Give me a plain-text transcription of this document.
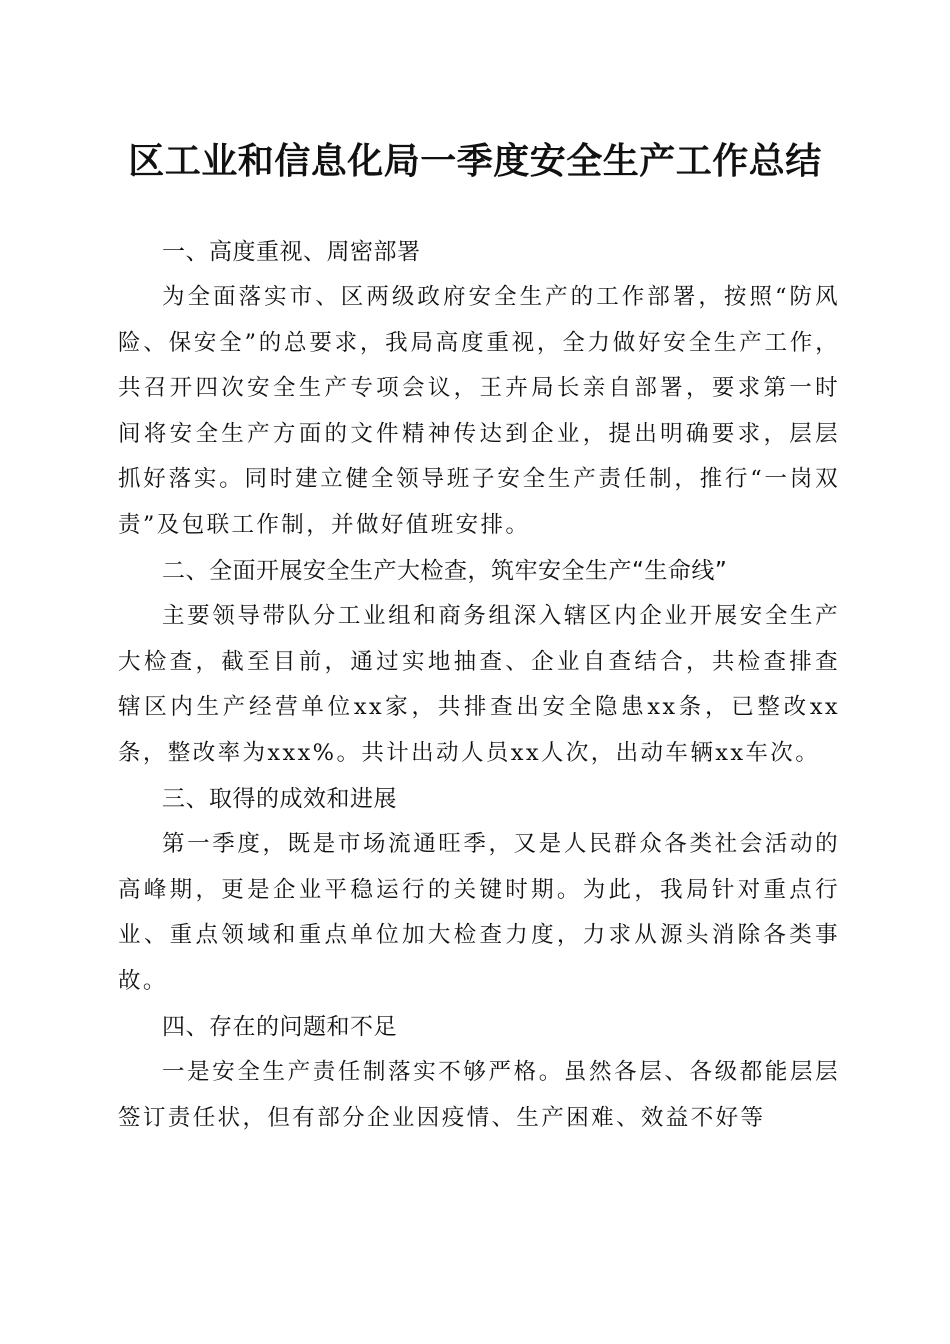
区工业和信息化局一季度安全生产工作总结

一、高度重视、周密部署

为全面落实市、区两级政府安全生产的工作部署，按照“防风险、保安全”的总要求，我局高度重视，全力做好安全生产工作，共召开四次安全生产专项会议，王卉局长亲自部署，要求第一时间将安全生产方面的文件精神传达到企业，提出明确要求，层层抓好落实。同时建立健全领导班子安全生产责任制，推行“一岗双责”及包联工作制，并做好值班安排。

二、全面开展安全生产大检查，筑牢安全生产“生命线”

主要领导带队分工业组和商务组深入辖区内企业开展安全生产大检查，截至目前，通过实地抽查、企业自查结合，共检查排查辖区内生产经营单位xx家，共排查出安全隐患xx条，已整改xx条，整改率为xxx%。共计出动人员xx人次，出动车辆xx车次。

三、取得的成效和进展

第一季度，既是市场流通旺季，又是人民群众各类社会活动的高峰期，更是企业平稳运行的关键时期。为此，我局针对重点行业、重点领域和重点单位加大检查力度，力求从源头消除各类事故。

四、存在的问题和不足

一是安全生产责任制落实不够严格。虽然各层、各级都能层层签订责任状，但有部分企业因疫情、生产困难、效益不好等
